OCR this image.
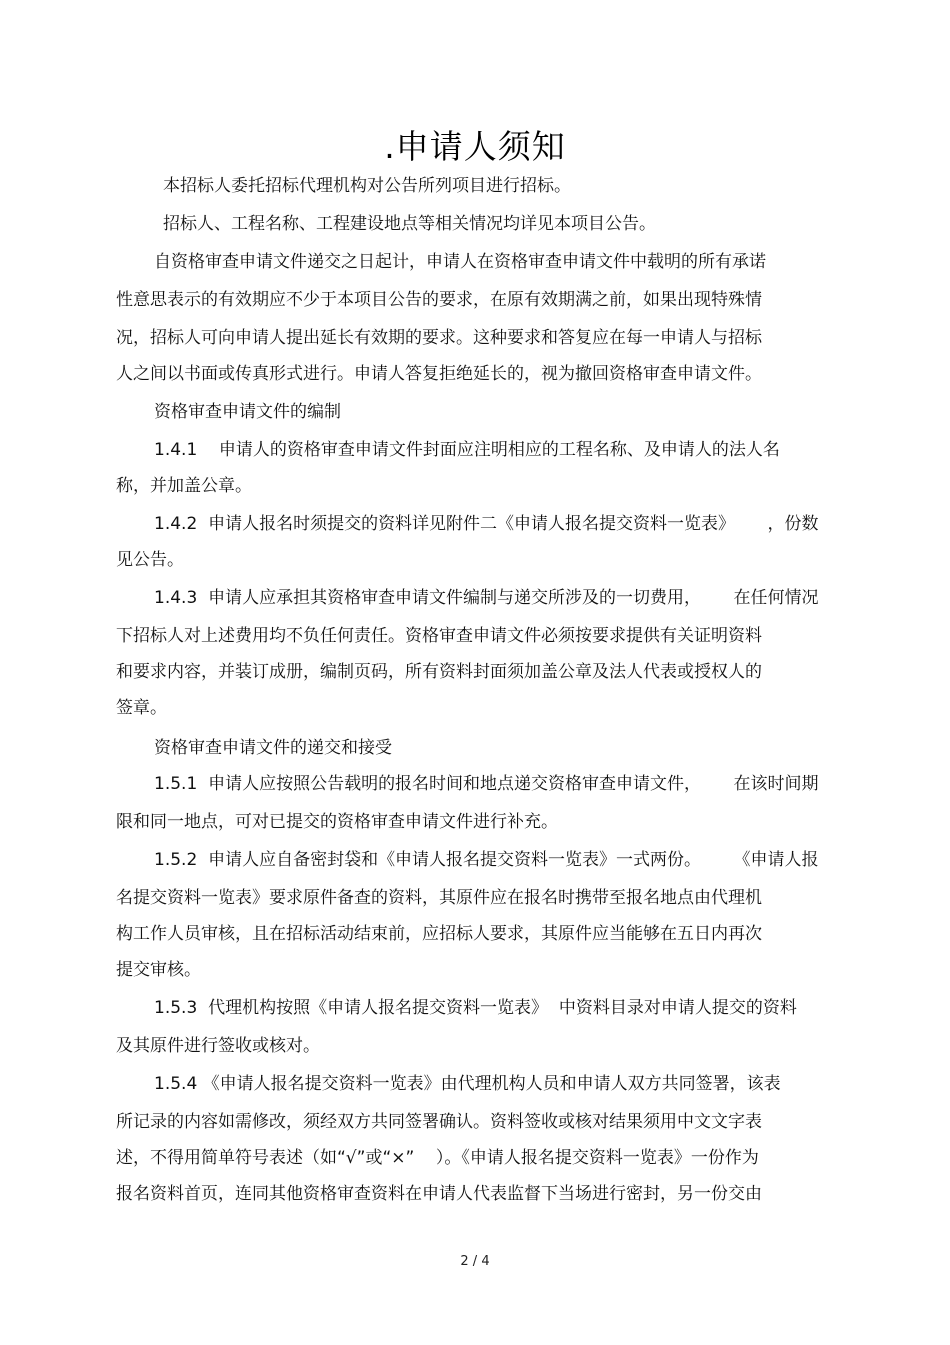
.申请人须知
本招标人委托招标代理机构对公告所列项目进行招标。
招标人、工程名称、工程建设地点等相关情况均详见本项目公告。
自资格审查申请文件递交之日起计，申请人在资格审查申请文件中载明的所有承诺
性意思表示的有效期应不少于本项目公告的要求，在原有效期满之前，如果出现特殊情
况，招标人可向申请人提出延长有效期的要求。这种要求和答复应在每一申请人与招标
人之间以书面或传真形式进行。申请人答复拒绝延长的，视为撤回资格审查申请文件。
资格审查申请文件的编制
1.4.1    申请人的资格审查申请文件封面应注明相应的工程名称、及申请人的法人名
称，并加盖公章。
1.4.2  申请人报名时须提交的资料详见附件二《申请人报名提交资料一览表》      ，份数
见公告。
1.4.3  申请人应承担其资格审查申请文件编制与递交所涉及的一切费用，      在任何情况
下招标人对上述费用均不负任何责任。资格审查申请文件必须按要求提供有关证明资料
和要求内容，并装订成册，编制页码，所有资料封面须加盖公章及法人代表或授权人的
签章。
资格审查申请文件的递交和接受
1.5.1  申请人应按照公告载明的报名时间和地点递交资格审查申请文件，      在该时间期
限和同一地点，可对已提交的资格审查申请文件进行补充。
1.5.2  申请人应自备密封袋和《申请人报名提交资料一览表》一式两份。      《申请人报
名提交资料一览表》要求原件备查的资料，其原件应在报名时携带至报名地点由代理机
构工作人员审核，且在招标活动结束前，应招标人要求，其原件应当能够在五日内再次
提交审核。
1.5.3  代理机构按照《申请人报名提交资料一览表》  中资料目录对申请人提交的资料
及其原件进行签收或核对。
1.5.4 《申请人报名提交资料一览表》由代理机构人员和申请人双方共同签署，该表
所记录的内容如需修改，须经双方共同签署确认。资料签收或核对结果须用中文文字表
述，不得用简单符号表述（如“√”或“×”    ）。《申请人报名提交资料一览表》一份作为
报名资料首页，连同其他资格审查资料在申请人代表监督下当场进行密封，另一份交由
2 / 4
